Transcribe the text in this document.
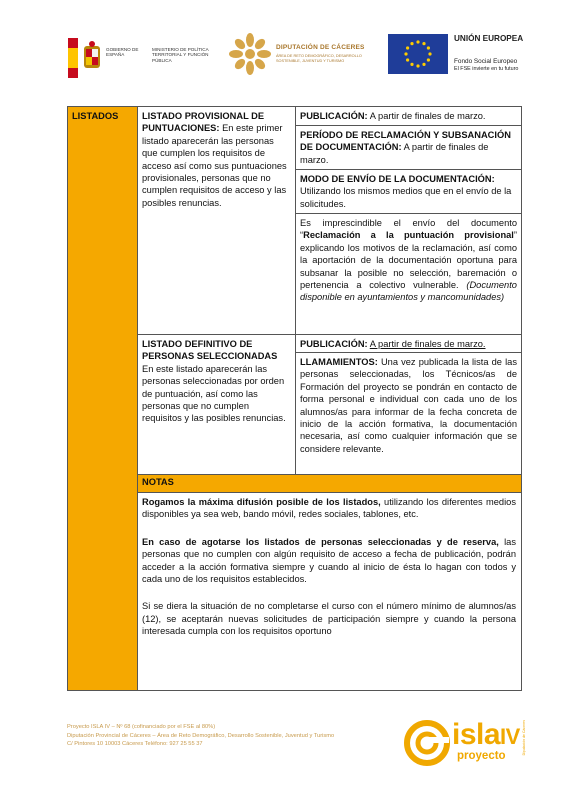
GOBIERNO DE ESPAÑA
MINISTERIO DE POLÍTICA TERRITORIAL Y FUNCIÓN PÚBLICA
DIPUTACIÓN DE CÁCERES
ÁREA DE RETO DEMOGRÁFICO, DESARROLLO SOSTENIBLE, JUVENTUD Y TURISMO
UNIÓN EUROPEA
Fondo Social Europeo
El FSE invierte en tu futuro
LISTADOS	LISTADO PROVISIONAL DE PUNTUACIONES: En este primer listado aparecerán las personas que cumplen los requisitos de acceso así como sus puntuaciones provisionales, personas que no cumplen requisitos de acceso y las posibles renuncias.
PUBLICACIÓN: A partir de finales de marzo.
PERÍODO DE RECLAMACIÓN Y SUBSANACIÓN DE DOCUMENTACIÓN: A partir de finales de marzo.
MODO DE ENVÍO DE LA DOCUMENTACIÓN:
Utilizando los mismos medios que en el envío de la solicitudes.
Es imprescindible el envío del documento “Reclamación a la puntuación provisional” explicando los motivos de la reclamación, así como la aportación de la documentación oportuna para subsanar la posible no selección, baremación o pertenencia a colectivo vulnerable. (Documento disponible en ayuntamientos y mancomunidades)
LISTADO DEFINITIVO DE PERSONAS SELECCIONADAS
En este listado aparecerán las personas seleccionadas por orden de puntuación, así como las personas que no cumplen requisitos y las posibles renuncias.
PUBLICACIÓN: A partir de finales de marzo.
LLAMAMIENTOS: Una vez publicada la lista de las personas seleccionadas, los Técnicos/as de Formación del proyecto se pondrán en contacto de forma personal e individual con cada uno de los alumnos/as para informar de la fecha concreta de inicio de la acción formativa, la documentación necesaria, así como cualquier información que se considere relevante.
NOTAS

Rogamos la máxima difusión posible de los listados, utilizando los diferentes medios disponibles ya sea web, bando móvil, redes sociales, tablones, etc.

En caso de agotarse los listados de personas seleccionadas y de reserva, las personas que no cumplen con algún requisito de acceso a fecha de publicación, podrán acceder a la acción formativa siempre y cuando al inicio de ésta lo hagan con todos y cada uno de los requisitos establecidos.

Si se diera la situación de no completarse el curso con el número mínimo de alumnos/as (12), se aceptarán nuevas solicitudes de participación siempre y cuando la persona interesada cumpla con los requisitos oportuno

Proyecto ISLA IV – Nº 68 (cofinanciado por el FSE al 80%)
Diputación Provincial de Cáceres – Área de Reto Demográfico, Desarrollo Sostenible, Juventud y Turismo
C/ Pintores 10 10003 Cáceres Teléfono: 927 25 55 37	islaIV
proyecto
Diputación de Cáceres
